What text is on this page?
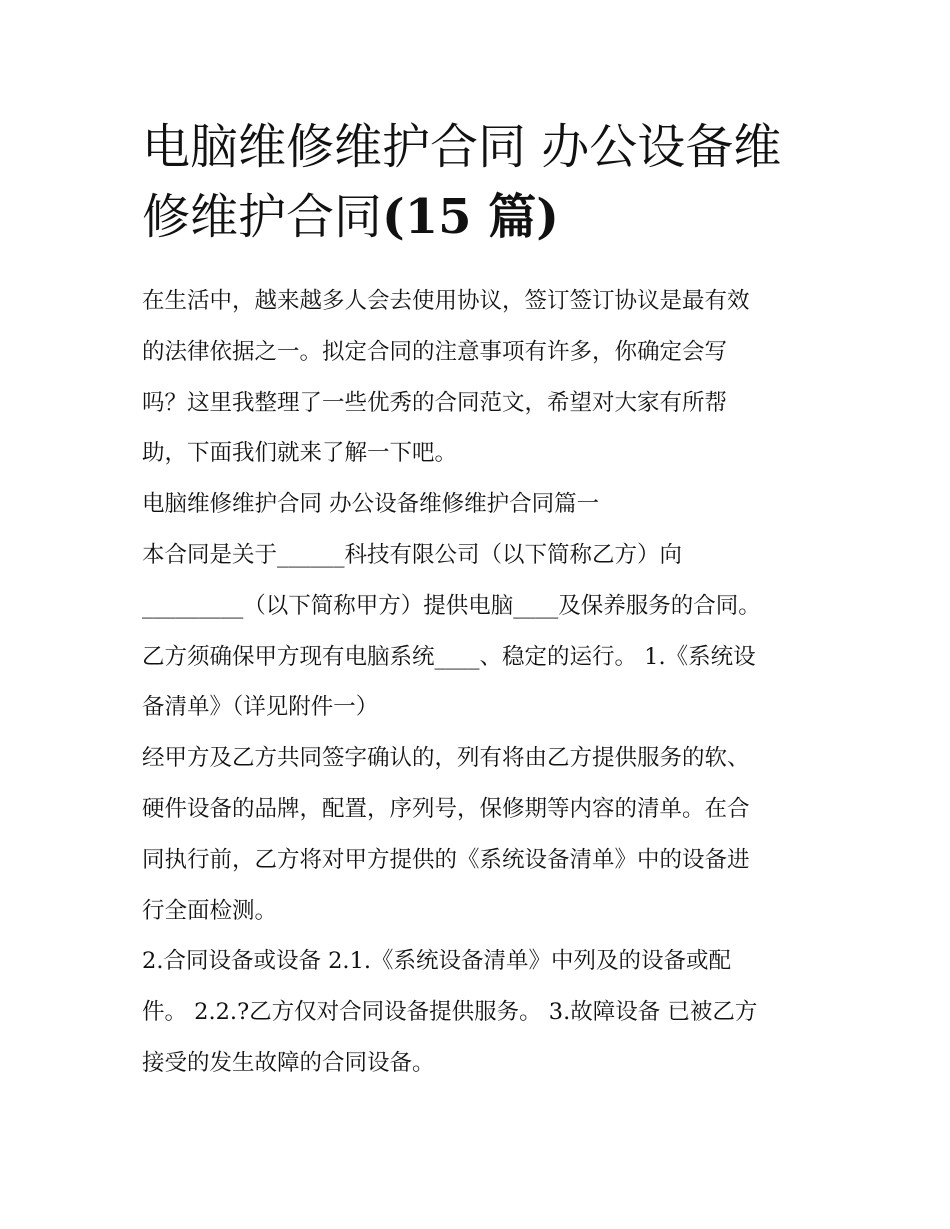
电脑维修维护合同 办公设备维
修维护合同(15 篇)
在生活中，越来越多人会去使用协议，签订签订协议是最有效
的法律依据之一。拟定合同的注意事项有许多，你确定会写
吗？这里我整理了一些优秀的合同范文，希望对大家有所帮
助，下面我们就来了解一下吧。
电脑维修维护合同 办公设备维修维护合同篇一
本合同是关于______科技有限公司（以下简称乙方）向
_________（以下简称甲方）提供电脑____及保养服务的合同。
乙方须确保甲方现有电脑系统____、稳定的运行。 1.《系统设
备清单》（详见附件一）
经甲方及乙方共同签字确认的，列有将由乙方提供服务的软、
硬件设备的品牌，配置，序列号，保修期等内容的清单。在合
同执行前，乙方将对甲方提供的《系统设备清单》中的设备进
行全面检测。
2.合同设备或设备 2.1.《系统设备清单》中列及的设备或配
件。 2.2.?乙方仅对合同设备提供服务。 3.故障设备 已被乙方
接受的发生故障的合同设备。
